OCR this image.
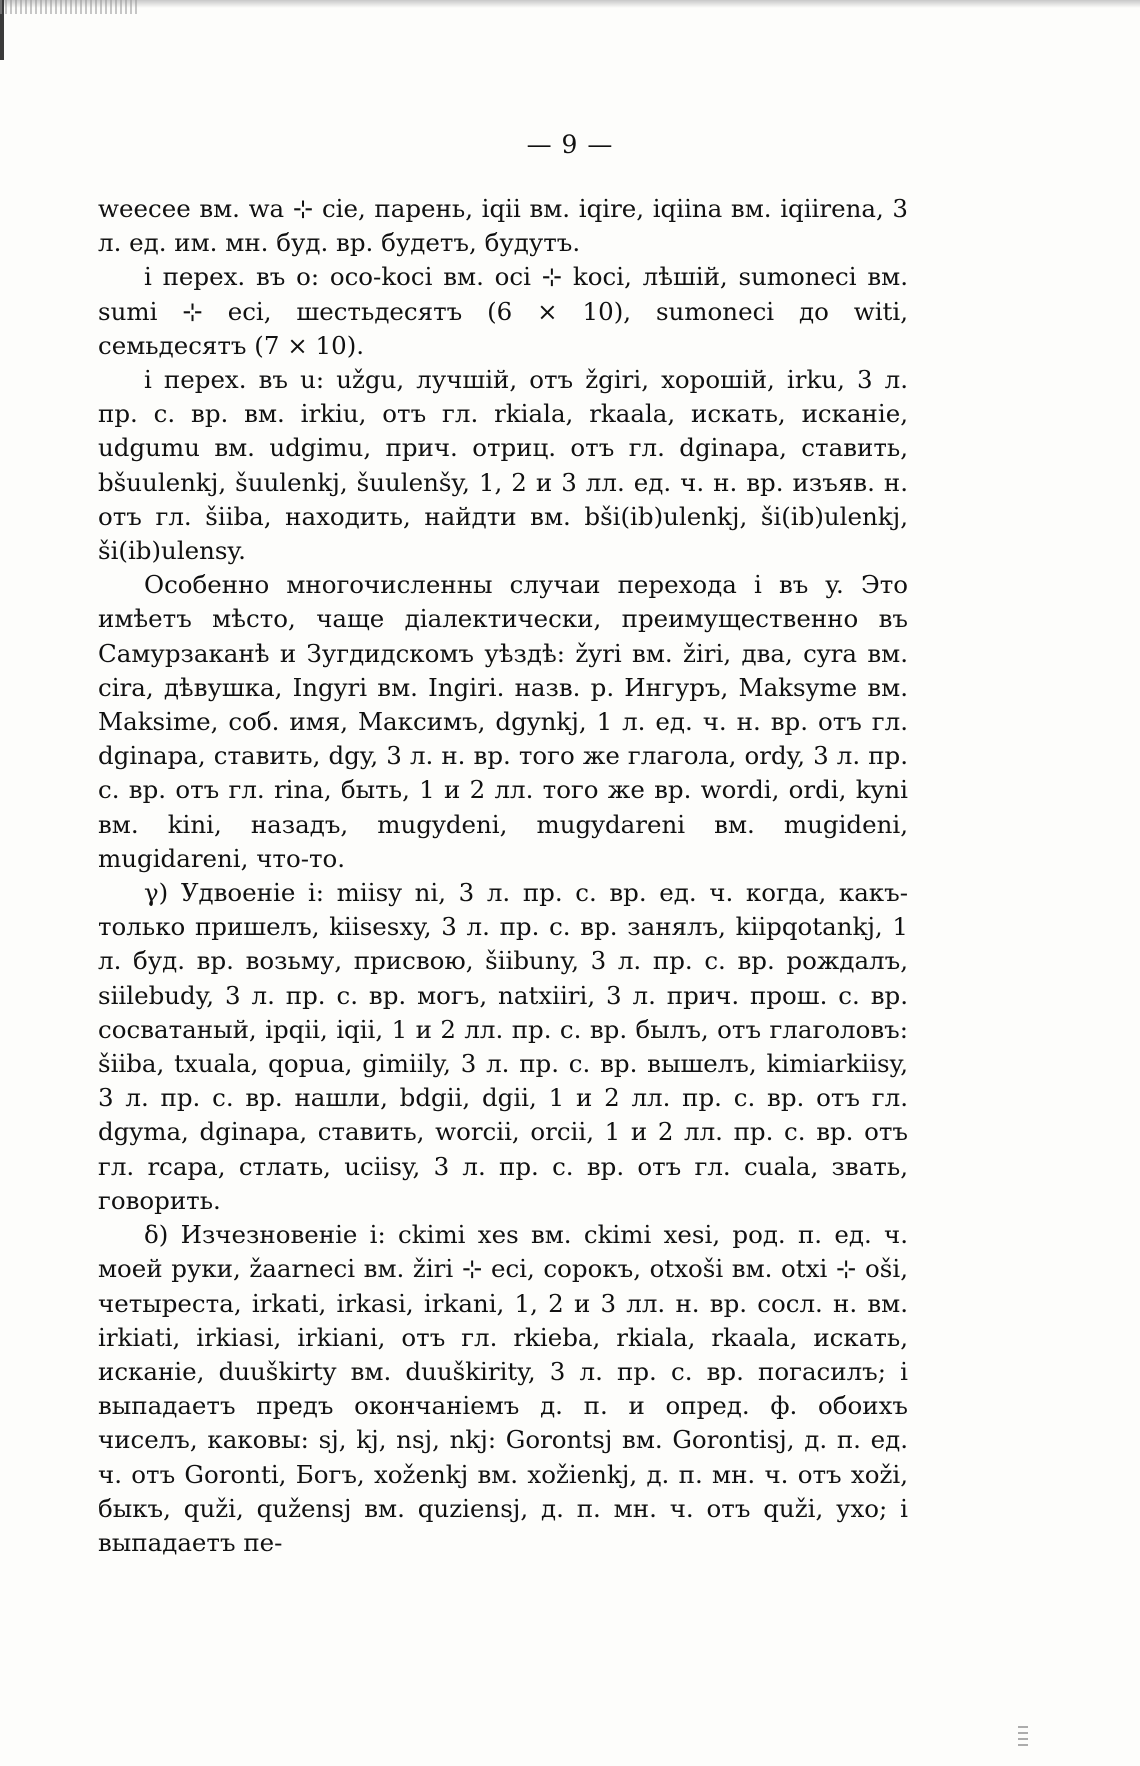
— 9 —

weecee вм. wa ⊹ cie, парень, iqii вм. iqire, iqiina вм. iqiirena, 3 л. ед. им. мн. буд. вр. будетъ, будутъ.

i перех. въ o: oco-koci вм. oci ⊹ koci, лѣшій, sumoneci вм. sumi ⊹ eci, шестьдесятъ (6 × 10), sumoneci до witi, семьдесятъ (7 × 10).

i перех. въ u: užgu, лучшій, отъ žgiri, хорошій, irku, 3 л. пр. с. вр. вм. irkiu, отъ гл. rkiala, rkaala, искать, исканіе, udgumu вм. udgimu, прич. отриц. отъ гл. dginapa, ставить, bšuulenkj, šuulenkj, šuulenšy, 1, 2 и 3 лл. ед. ч. н. вр. изъяв. н. отъ гл. šiiba, находить, найдти вм. bši(ib)ulenkj, ši(ib)ulenkj, ši(ib)ulensy.

Особенно многочисленны случаи перехода i въ y. Это имѣетъ мѣсто, чаще діалектически, преимущественно въ Самурзаканѣ и Зугдидскомъ уѣздѣ: žyri вм. žiri, два, cyra вм. cira, дѣвушка, Ingyri вм. Ingiri. назв. р. Ингуръ, Maksyme вм. Maksime, соб. имя, Максимъ, dgynkj, 1 л. ед. ч. н. вр. отъ гл. dginapa, ставить, dgy, 3 л. н. вр. того же глагола, ordy, 3 л. пр. с. вр. отъ гл. rina, быть, 1 и 2 лл. того же вр. wordi, ordi, kyni вм. kini, назадъ, mugydeni, mugydareni вм. mugideni, mugidareni, что-то.

γ) Удвоеніе i: miisy ni, 3 л. пр. с. вр. ед. ч. когда, какъ-только пришелъ, kiisesxy, 3 л. пр. с. вр. занялъ, kiipqotankj, 1 л. буд. вр. возьму, присвою, šiibuny, 3 л. пр. с. вр. рождалъ, siilebudy, 3 л. пр. с. вр. могъ, natxiiri, 3 л. прич. прош. с. вр. сосватаный, ipqii, iqii, 1 и 2 лл. пр. с. вр. былъ, отъ глаголовъ: šiiba, txuala, qopua, gimiily, 3 л. пр. с. вр. вышелъ, kimiarkiisy, 3 л. пр. с. вр. нашли, bdgii, dgii, 1 и 2 лл. пр. с. вр. отъ гл. dgyma, dginapa, ставить, worcii, orcii, 1 и 2 лл. пр. с. вр. отъ гл. rcapa, стлать, uciisy, 3 л. пр. с. вр. отъ гл. cuala, звать, говорить.

δ) Изчезновеніе i: ckimi xes вм. ckimi xesi, род. п. ед. ч. моей руки, žaarneci вм. žiri ⊹ eci, сорокъ, otxoši вм. otxi ⊹ oši, четыреста, irkati, irkasi, irkani, 1, 2 и 3 лл. н. вр. сосл. н. вм. irkiati, irkiasi, irkiani, отъ гл. rkieba, rkiala, rkaala, искать, исканіе, duuškirty вм. duuškirity, 3 л. пр. с. вр. погасилъ; i выпадаетъ предъ окончаніемъ д. п. и опред. ф. обоихъ чиселъ, каковы: sj, kj, nsj, nkj: Gorontsj вм. Gorontisj, д. п. ед. ч. отъ Goronti, Богъ, xoženkj вм. xožienkj, д. п. мн. ч. отъ xoži, быкъ, quži, qužensj вм. quziensj, д. п. мн. ч. отъ quži, ухо; i выпадаетъ пе-
